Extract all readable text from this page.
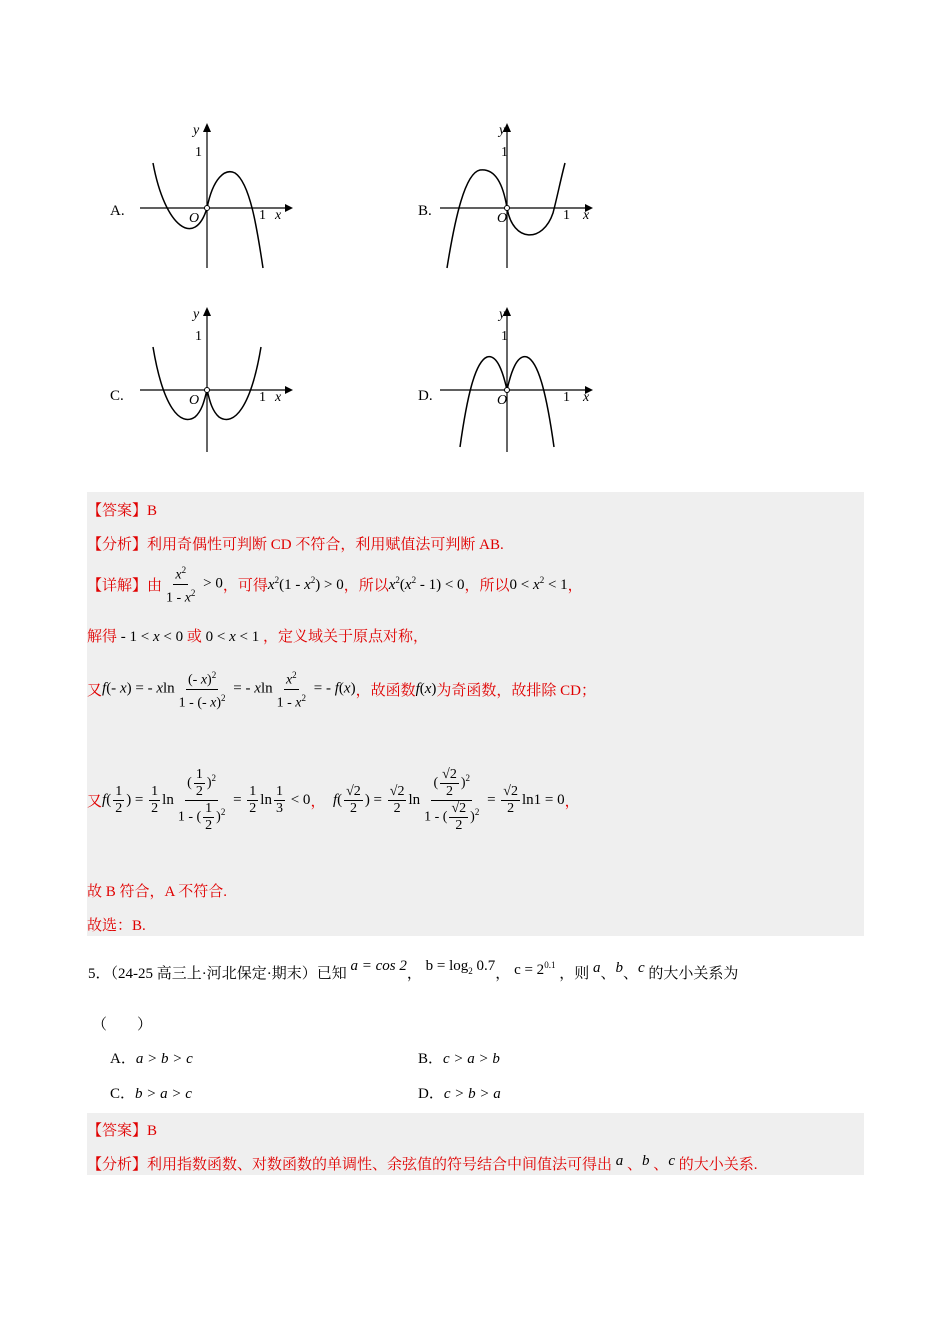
y
1
O	1 x
A.
y
1
O	1 x
B.
y
1
O	1 x
C.
y
1
O	1 x
D.
【答案】B
【分析】利用奇偶性可判断 CD 不符合，利用赋值法可判断 AB.
【详解】 由 $\frac{x^2}{1 - x^2} > 0$ ，可得 $x^2(1 - x^2) > 0$ ，所以 $x^2(x^2 - 1) < 0$ ，所以 $0 < x^2 < 1$ ，
解得 - 1 < x < 0 或 0 < x < 1 ，定义域关于原点对称，
又 f(- x) = - xln $\frac{(- x)^2}{1 - (- x)^2}$ = - xln $\frac{x^2}{1 - x^2}$ = - f(x) ，故函数 f(x) 为奇函数，故排除 CD；
又 $f( \frac{1}{2}$ ) = $\frac{1}{2}$ $\ln \frac{( \frac{1}{2} )^2}{1 - ( \frac{1}{2} )^2} = \frac{1}{2}$ $\ln \frac{1}{3} < 0$ ， $f( \frac{√2}{2}$ ) = $\frac{√2}{2}$ $\ln \frac{( \frac{√2}{2} )^2}{1 - ( \frac{√2}{2} )^2} = \frac{√2}{2} \ln 1 = 0$ ，
故 B 符合，A 不符合.
故选：B.
5．（24-25 高三上·河北保定·期末）已知 a = cos 2， $b = \log_2 0.7$， $c = 2^{0.1}$ ，则 a、b、c 的大小关系为
（　　）
A．a > b > c	B．c > a > b
C．b > a > c	D．c > b > a
【答案】B
【分析】利用指数函数、对数函数的单调性、余弦值的符号结合中间值法可得出 a 、b 、c 的大小关系.
